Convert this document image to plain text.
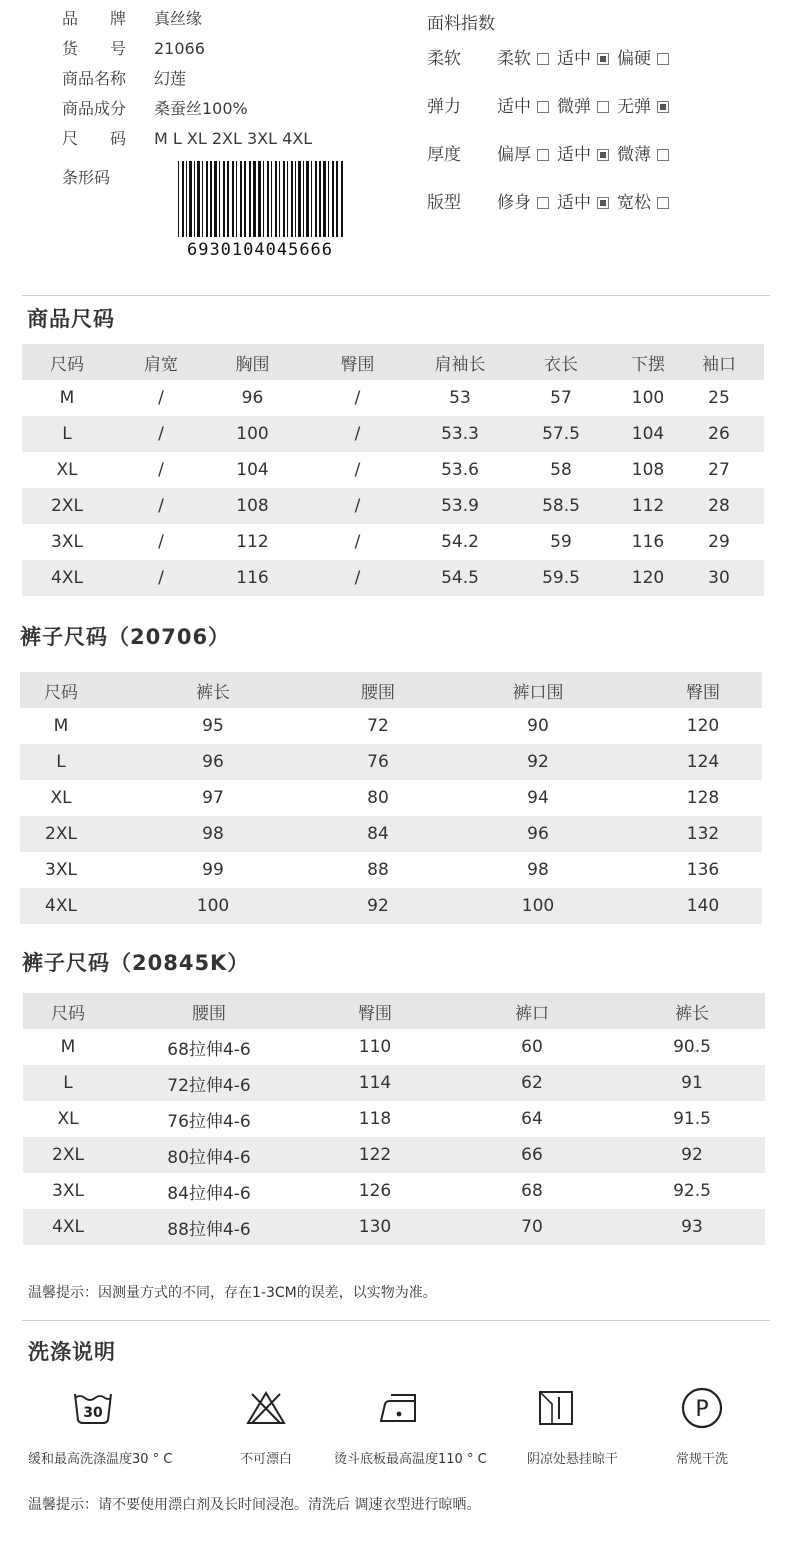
品　　牌 真丝缘
货　　号 21066
商品名称 幻莲
商品成分 桑蚕丝100%
尺　　码 M L XL 2XL 3XL 4XL
条形码
6930104045666
面料指数
柔软 柔软 适中 偏硬
弹力 适中 微弹 无弹
厚度 偏厚 适中 微薄
版型 修身 适中 宽松
商品尺码
尺码	肩宽	胸围	臀围	肩袖长	衣长	下摆	袖口
M	/	96	/	53	57	100	25
L	/	100	/	53.3	57.5	104	26
XL	/	104	/	53.6	58	108	27
2XL	/	108	/	53.9	58.5	112	28
3XL	/	112	/	54.2	59	116	29
4XL	/	116	/	54.5	59.5	120	30
裤子尺码（20706）
尺码	裤长	腰围	裤口围	臀围
M	95	72	90	120
L	96	76	92	124
XL	97	80	94	128
2XL	98	84	96	132
3XL	99	88	98	136
4XL	100	92	100	140
裤子尺码（20845K）
尺码	腰围	臀围	裤口	裤长
M	68拉伸4-6	110	60	90.5
L	72拉伸4-6	114	62	91
XL	76拉伸4-6	118	64	91.5
2XL	80拉伸4-6	122	66	92
3XL	84拉伸4-6	126	68	92.5
4XL	88拉伸4-6	130	70	93
温馨提示：因测量方式的不同，存在1-3CM的误差，以实物为准。
洗涤说明
30	P
缓和最高洗涤温度30 ° C	不可漂白	烫斗底板最高温度110 ° C	阴凉处悬挂晾干	常规干洗
温馨提示：请不要使用漂白剂及长时间浸泡。清洗后 调速衣型进行晾晒。
